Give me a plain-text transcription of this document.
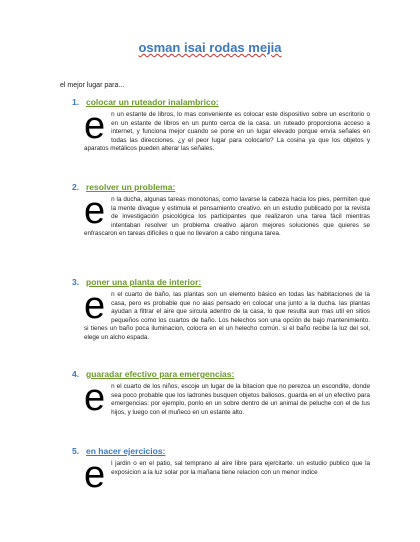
osman isai rodas mejia
el mejor lugar para...
1. colocar un ruteador inalambrico:
e n un estante de libros, lo mas conveniente es colocar este dispositivo sobre un escritorio o en un estante de libros en un punto cerca de la casa. un ruteado proporciona acceso a internet, y funciona mejor cuando se pone en un lugar elevado porque envía señales en todas las direcciones. ¿y el peor lugar para colocarlo? La cosina ya que los objetos y aparatos metálicos pueden alterar las señales.

2. resolver un problema:
e n la ducha, algunas tareas monótonas, como lavarse la cabeza hacia los pies, permiten que la mente divague y estimula el pensamiento creativo. en un estudio publicado por la revista de investigación psicológica los participantes que realizaron una tarea fácil mientras intentaban resolver un problema creativo ajaron mejores soluciones que quieres se enfrascaron en tareas difíciles o que no llevaron a cabo ninguna tarea.

3. poner una planta de interior:
e n el cuarto de baño, las plantas son un elemento básico en todas las habitaciones de la casa, pero es probable que no aias pensado en colocar una junto a la ducha. las plantas ayudan a filtrar el aire que sircula adentro de la casa, lo que resulta aun mas util en sitios pequeños como los cuartos de baño. Los helechos son una opción de bajo mantenimiento. si tienes un baño poca iluminacion, colocra en el un helecho común. si el baño recibe la luz del sol, elege un alcho espada.

4. guaradar efectivo para emergencias:
e n el cuarto de los niños, escoje un lugar de la bitacion que no perezca un escondite, donde sea poco probable que los ladrones busquen objetos baliosos. guarda en el un efectivo para emergencias: por ejemplo, ponlo en un sobre dentro de un animal de peluche con el de tus hijos, y luego con el muñeco en un estante alto.

5. en hacer ejercicios:
e l jardin o en el patio, sal temprano al aire libre para ejercitarte. un estudio publico que la exposicion a la luz solar por la mañana tiene relacion con un menor indice
